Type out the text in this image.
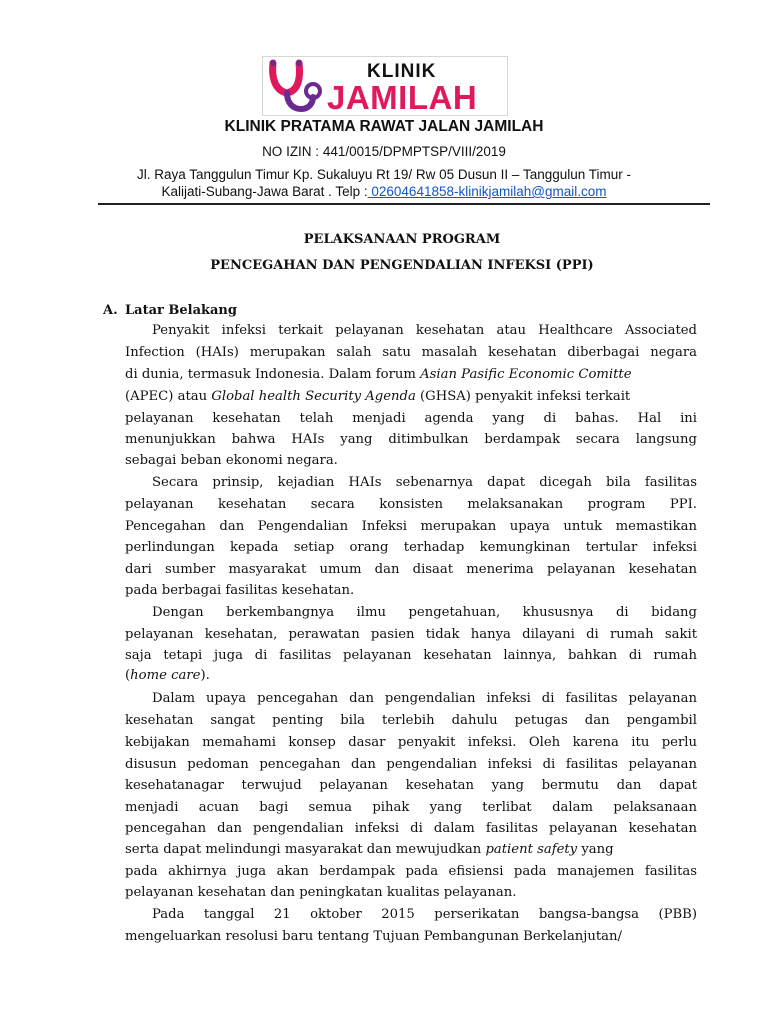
KLINIK
JAMILAH
KLINIK PRATAMA RAWAT JALAN JAMILAH
NO IZIN : 441/0015/DPMPTSP/VIII/2019
Jl. Raya Tanggulun Timur Kp. Sukaluyu Rt 19/ Rw 05 Dusun II – Tanggulun Timur -
Kalijati-Subang-Jawa Barat . Telp : 02604641858-klinikjamilah@gmail.com
PELAKSANAAN PROGRAM
PENCEGAHAN DAN PENGENDALIAN INFEKSI (PPI)
A. Latar Belakang
Penyakit infeksi terkait pelayanan kesehatan atau Healthcare Associated
Infection (HAIs) merupakan salah satu masalah kesehatan diberbagai negara
di dunia, termasuk Indonesia. Dalam forum Asian Pasific Economic Comitte
(APEC) atau Global health Security Agenda (GHSA) penyakit infeksi terkait
pelayanan kesehatan telah menjadi agenda yang di bahas. Hal ini
menunjukkan bahwa HAIs yang ditimbulkan berdampak secara langsung
sebagai beban ekonomi negara.
Secara prinsip, kejadian HAIs sebenarnya dapat dicegah bila fasilitas
pelayanan kesehatan secara konsisten melaksanakan program PPI.
Pencegahan dan Pengendalian Infeksi merupakan upaya untuk memastikan
perlindungan kepada setiap orang terhadap kemungkinan tertular infeksi
dari sumber masyarakat umum dan disaat menerima pelayanan kesehatan
pada berbagai fasilitas kesehatan.
Dengan berkembangnya ilmu pengetahuan, khususnya di bidang
pelayanan kesehatan, perawatan pasien tidak hanya dilayani di rumah sakit
saja tetapi juga di fasilitas pelayanan kesehatan lainnya, bahkan di rumah
(home care).
Dalam upaya pencegahan dan pengendalian infeksi di fasilitas pelayanan
kesehatan sangat penting bila terlebih dahulu petugas dan pengambil
kebijakan memahami konsep dasar penyakit infeksi. Oleh karena itu perlu
disusun pedoman pencegahan dan pengendalian infeksi di fasilitas pelayanan
kesehatanagar terwujud pelayanan kesehatan yang bermutu dan dapat
menjadi acuan bagi semua pihak yang terlibat dalam pelaksanaan
pencegahan dan pengendalian infeksi di dalam fasilitas pelayanan kesehatan
serta dapat melindungi masyarakat dan mewujudkan patient safety yang
pada akhirnya juga akan berdampak pada efisiensi pada manajemen fasilitas
pelayanan kesehatan dan peningkatan kualitas pelayanan.
Pada tanggal 21 oktober 2015 perserikatan bangsa-bangsa (PBB)
mengeluarkan resolusi baru tentang Tujuan Pembangunan Berkelanjutan/
